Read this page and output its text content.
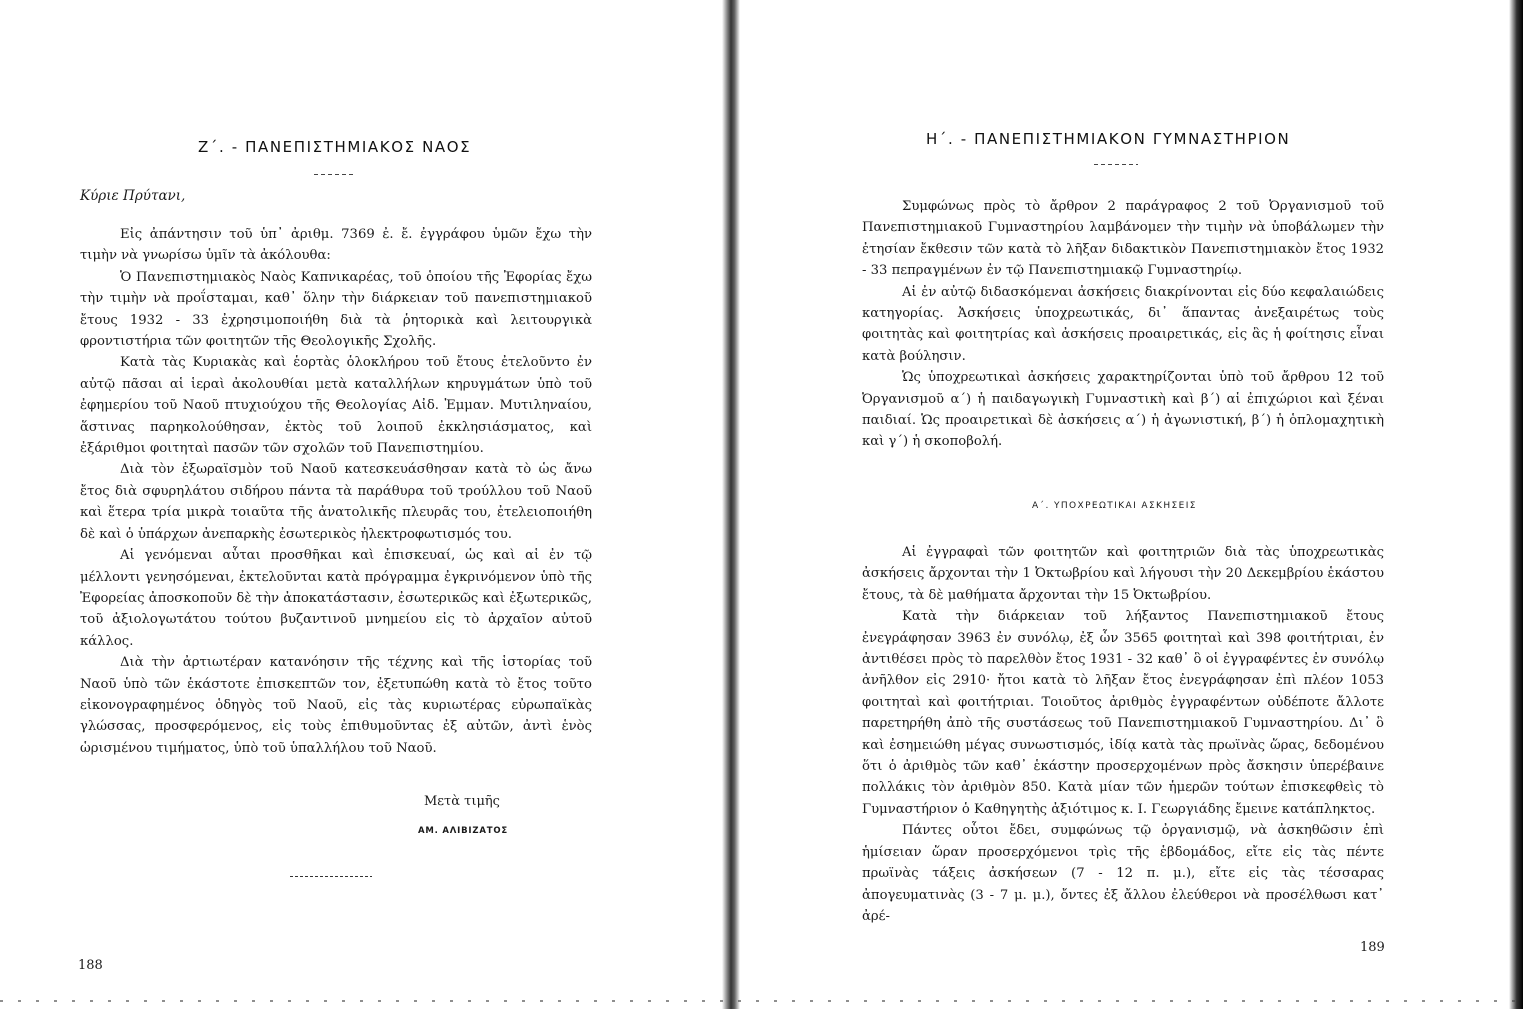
Ζ΄. - ΠΑΝΕΠΙΣΤΗΜΙΑΚΟΣ ΝΑΟΣ
Κύριε Πρύτανι,

Εἰς ἀπάντησιν τοῦ ὑπ᾿ ἀριθμ. 7369 ἐ. ἔ. ἐγγράφου ὑμῶν ἔχω τὴν τιμὴν νὰ γνωρίσω ὑμῖν τὰ ἀκόλουθα:

Ὁ Πανεπιστημιακὸς Ναὸς Καπνικαρέας, τοῦ ὁποίου τῆς Ἐφορίας ἔχω τὴν τιμὴν νὰ προΐσταμαι, καθ᾿ ὅλην τὴν διάρκειαν τοῦ πανεπιστημιακοῦ ἔτους 1932 - 33 ἐχρησιμοποιήθη διὰ τὰ ῥητορικὰ καὶ λειτουργικὰ φροντιστήρια τῶν φοιτητῶν τῆς Θεολογικῆς Σχολῆς.

Κατὰ τὰς Κυριακὰς καὶ ἑορτὰς ὁλοκλήρου τοῦ ἔτους ἐτελοῦντο ἐν αὐτῷ πᾶσαι αἱ ἱεραὶ ἀκολουθίαι μετὰ καταλλήλων κηρυγμάτων ὑπὸ τοῦ ἐφημερίου τοῦ Ναοῦ πτυχιούχου τῆς Θεολογίας Αἰδ. Ἐμμαν. Μυτιληναίου, ἅστινας παρηκολούθησαν, ἐκτὸς τοῦ λοιποῦ ἐκκλησιάσματος, καὶ ἐξάριθμοι φοιτηταὶ πασῶν τῶν σχολῶν τοῦ Πανεπιστημίου.

Διὰ τὸν ἐξωραϊσμὸν τοῦ Ναοῦ κατεσκευάσθησαν κατὰ τὸ ὡς ἄνω ἔτος διὰ σφυρηλάτου σιδήρου πάντα τὰ παράθυρα τοῦ τρούλλου τοῦ Ναοῦ καὶ ἕτερα τρία μικρὰ τοιαῦτα τῆς ἀνατολικῆς πλευρᾶς του, ἐτελειοποιήθη δὲ καὶ ὁ ὑπάρχων ἀνεπαρκὴς ἐσωτερικὸς ἠλεκτροφωτισμός του.

Αἱ γενόμεναι αὗται προσθῆκαι καὶ ἐπισκευαί, ὡς καὶ αἱ ἐν τῷ μέλλοντι γενησόμεναι, ἐκτελοῦνται κατὰ πρόγραμμα ἐγκρινόμενον ὑπὸ τῆς Ἐφορείας ἀποσκοποῦν δὲ τὴν ἀποκατάστασιν, ἐσωτερικῶς καὶ ἐξωτερικῶς, τοῦ ἀξιολογωτάτου τούτου βυζαντινοῦ μνημείου εἰς τὸ ἀρχαῖον αὐτοῦ κάλλος.

Διὰ τὴν ἀρτιωτέραν κατανόησιν τῆς τέχνης καὶ τῆς ἱστορίας τοῦ Ναοῦ ὑπὸ τῶν ἑκάστοτε ἐπισκεπτῶν τον, ἐξετυπώθη κατὰ τὸ ἔτος τοῦτο εἰκονογραφημένος ὁδηγὸς τοῦ Ναοῦ, εἰς τὰς κυριωτέρας εὐρωπαϊκὰς γλώσσας, προσφερόμενος, εἰς τοὺς ἐπιθυμοῦντας ἐξ αὐτῶν, ἀντὶ ἑνὸς ὡρισμένου τιμήματος, ὑπὸ τοῦ ὑπαλλήλου τοῦ Ναοῦ.

Μετὰ τιμῆς
ΑΜ. ΑΛΙΒΙΖΑΤΟΣ
188
Η΄. - ΠΑΝΕΠΙΣΤΗΜΙΑΚΟΝ ΓΥΜΝΑΣΤΗΡΙΟΝ

Συμφώνως πρὸς τὸ ἄρθρον 2 παράγραφος 2 τοῦ Ὀργανισμοῦ τοῦ Πανεπιστημιακοῦ Γυμναστηρίου λαμβάνομεν τὴν τιμὴν νὰ ὑποβάλωμεν τὴν ἐτησίαν ἔκθεσιν τῶν κατὰ τὸ λῆξαν διδακτικὸν Πανεπιστημιακὸν ἔτος 1932 - 33 πεπραγμένων ἐν τῷ Πανεπιστημιακῷ Γυμναστηρίῳ.

Αἱ ἐν αὐτῷ διδασκόμεναι ἀσκήσεις διακρίνονται εἰς δύο κεφαλαιώδεις κατηγορίας. Ἀσκήσεις ὑποχρεωτικάς, δι᾿ ἅπαντας ἀνεξαιρέτως τοὺς φοιτητὰς καὶ φοιτητρίας καὶ ἀσκήσεις προαιρετικάς, εἰς ἃς ἡ φοίτησις εἶναι κατὰ βούλησιν.

Ὡς ὑποχρεωτικαὶ ἀσκήσεις χαρακτηρίζονται ὑπὸ τοῦ ἄρθρου 12 τοῦ Ὀργανισμοῦ α΄) ἡ παιδαγωγικὴ Γυμναστικὴ καὶ β΄) αἱ ἐπιχώριοι καὶ ξέναι παιδιαί. Ὡς προαιρετικαὶ δὲ ἀσκήσεις α΄) ἡ ἀγωνιστική, β΄) ἡ ὁπλομαχητικὴ καὶ γ΄) ἡ σκοποβολή.

Α΄. ΥΠΟΧΡΕΩΤΙΚΑΙ ΑΣΚΗΣΕΙΣ

Αἱ ἐγγραφαὶ τῶν φοιτητῶν καὶ φοιτητριῶν διὰ τὰς ὑποχρεωτικὰς ἀσκήσεις ἄρχονται τὴν 1 Ὀκτωβρίου καὶ λήγουσι τὴν 20 Δεκεμβρίου ἑκάστου ἔτους, τὰ δὲ μαθήματα ἄρχονται τὴν 15 Ὀκτωβρίου.

Κατὰ τὴν διάρκειαν τοῦ λήξαντος Πανεπιστημιακοῦ ἔτους ἐνεγράφησαν 3963 ἐν συνόλῳ, ἐξ ὧν 3565 φοιτηταὶ καὶ 398 φοιτήτριαι, ἐν ἀντιθέσει πρὸς τὸ παρελθὸν ἔτος 1931 - 32 καθ᾿ ὃ οἱ ἐγγραφέντες ἐν συνόλῳ ἀνῆλθον εἰς 2910· ἤτοι κατὰ τὸ λῆξαν ἔτος ἐνεγράφησαν ἐπὶ πλέον 1053 φοιτηταὶ καὶ φοιτήτριαι. Τοιοῦτος ἀριθμὸς ἐγγραφέντων οὐδέποτε ἄλλοτε παρετηρήθη ἀπὸ τῆς συστάσεως τοῦ Πανεπιστημιακοῦ Γυμναστηρίου. Δι᾿ ὃ καὶ ἐσημειώθη μέγας συνωστισμός, ἰδίᾳ κατὰ τὰς πρωϊνὰς ὥρας, δεδομένου ὅτι ὁ ἀριθμὸς τῶν καθ᾿ ἑκάστην προσερχομένων πρὸς ἄσκησιν ὑπερέβαινε πολλάκις τὸν ἀριθμὸν 850. Κατὰ μίαν τῶν ἡμερῶν τούτων ἐπισκεφθεὶς τὸ Γυμναστήριον ὁ Καθηγητὴς ἀξιότιμος κ. Ι. Γεωργιάδης ἔμεινε κατάπληκτος.

Πάντες οὗτοι ἔδει, συμφώνως τῷ ὀργανισμῷ, νὰ ἀσκηθῶσιν ἐπὶ ἡμίσειαν ὥραν προσερχόμενοι τρὶς τῆς ἑβδομάδος, εἴτε εἰς τὰς πέντε πρωϊνὰς τάξεις ἀσκήσεων (7 - 12 π. μ.), εἴτε εἰς τὰς τέσσαρας ἀπογευματινὰς (3 - 7 μ. μ.), ὄντες ἐξ ἄλλου ἐλεύθεροι νὰ προσέλθωσι κατ᾿ ἀρέ-

189
